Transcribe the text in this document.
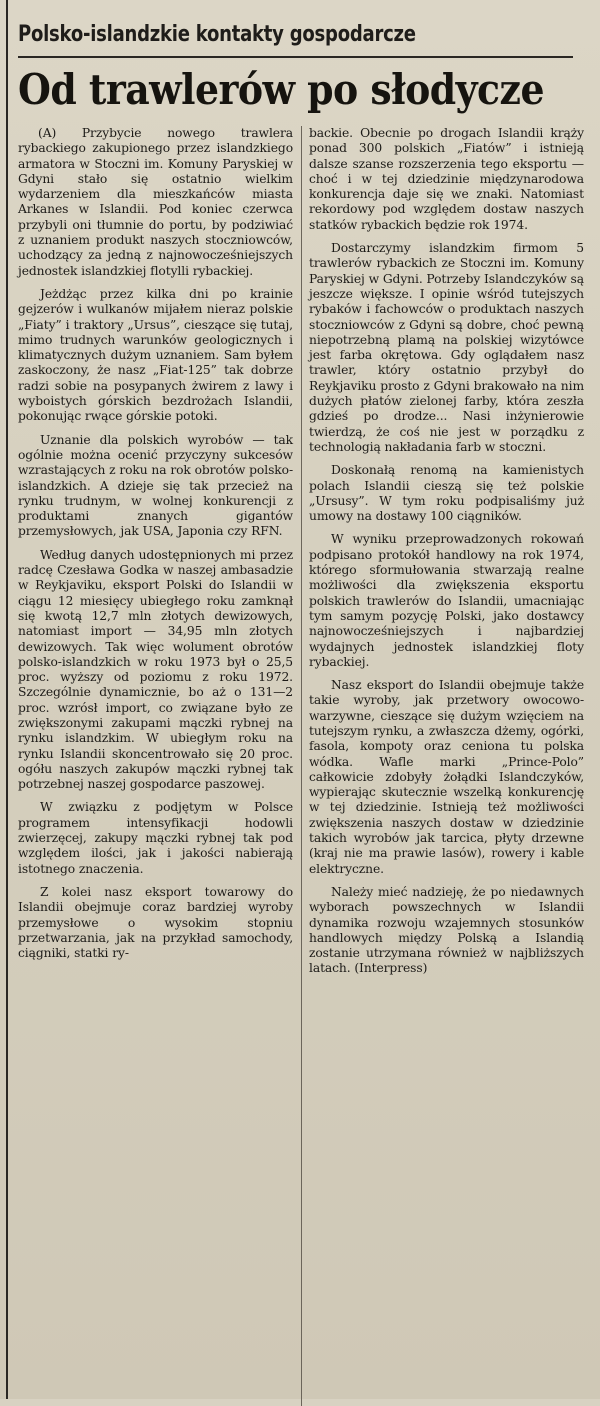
Polsko-islandzkie kontakty gospodarcze
Od trawlerów po słodycze

(A) Przybycie nowego trawlera rybackiego zakupionego przez islandzkiego armatora w Stoczni im. Komuny Paryskiej w Gdyni stało się ostatnio wielkim wydarzeniem dla mieszkańców miasta Arkanes w Islandii. Pod koniec czerwca przybyli oni tłumnie do portu, by podziwiać z uznaniem produkt naszych stoczniowców, uchodzący za jedną z najnowocześniejszych jednostek islandzkiej flotylli rybackiej.

Jeżdżąc przez kilka dni po krainie gejzerów i wulkanów mijałem nieraz polskie „Fiaty” i traktory „Ursus”, cieszące się tutaj, mimo trudnych warunków geologicznych i klimatycznych dużym uznaniem. Sam byłem zaskoczony, że nasz „Fiat-125” tak dobrze radzi sobie na posypanych żwirem z lawy i wyboistych górskich bezdrożach Islandii, pokonując rwące górskie potoki.

Uznanie dla polskich wyrobów — tak ogólnie można ocenić przyczyny sukcesów wzrastających z roku na rok obrotów polsko-islandzkich. A dzieje się tak przecież na rynku trudnym, w wolnej konkurencji z produktami znanych gigantów przemysłowych, jak USA, Japonia czy RFN.

Według danych udostępnionych mi przez radcę Czesława Godka w naszej ambasadzie w Reykjaviku, eksport Polski do Islandii w ciągu 12 miesięcy ubiegłego roku zamknął się kwotą 12,7 mln złotych dewizowych, natomiast import — 34,95 mln złotych dewizowych. Tak więc wolument obrotów polsko-islandzkich w roku 1973 był o 25,5 proc. wyższy od poziomu z roku 1972. Szczególnie dynamicznie, bo aż o 131—2 proc. wzrósł import, co związane było ze zwiększonymi zakupami mączki rybnej na rynku islandzkim. W ubiegłym roku na rynku Islandii skoncentrowało się 20 proc. ogółu naszych zakupów mączki rybnej tak potrzebnej naszej gospodarce paszowej.

W związku z podjętym w Polsce programem intensyfikacji hodowli zwierzęcej, zakupy mączki rybnej tak pod względem ilości, jak i jakości nabierają istotnego znaczenia.

Z kolei nasz eksport towarowy do Islandii obejmuje coraz bardziej wyroby przemysłowe o wysokim stopniu przetwarzania, jak na przykład samochody, ciągniki, statki ry-

backie. Obecnie po drogach Islandii krąży ponad 300 polskich „Fiatów” i istnieją dalsze szanse rozszerzenia tego eksportu — choć i w tej dziedzinie międzynarodowa konkurencja daje się we znaki. Natomiast rekordowy pod względem dostaw naszych statków rybackich będzie rok 1974.

Dostarczymy islandzkim firmom 5 trawlerów rybackich ze Stoczni im. Komuny Paryskiej w Gdyni. Potrzeby Islandczyków są jeszcze większe. I opinie wśród tutejszych rybaków i fachowców o produktach naszych stoczniowców z Gdyni są dobre, choć pewną niepotrzebną plamą na polskiej wizytówce jest farba okrętowa. Gdy oglądałem nasz trawler, który ostatnio przybył do Reykjaviku prosto z Gdyni brakowało na nim dużych płatów zielonej farby, która zeszła gdzieś po drodze... Nasi inżynierowie twierdzą, że coś nie jest w porządku z technologią nakładania farb w stoczni.

Doskonałą renomą na kamienistych polach Islandii cieszą się też polskie „Ursusy”. W tym roku podpisaliśmy już umowy na dostawy 100 ciągników.

W wyniku przeprowadzonych rokowań podpisano protokół handlowy na rok 1974, którego sformułowania stwarzają realne możliwości dla zwiększenia eksportu polskich trawlerów do Islandii, umacniając tym samym pozycję Polski, jako dostawcy najnowocześniejszych i najbardziej wydajnych jednostek islandzkiej floty rybackiej.

Nasz eksport do Islandii obejmuje także takie wyroby, jak przetwory owocowo-warzywne, cieszące się dużym wzięciem na tutejszym rynku, a zwłaszcza dżemy, ogórki, fasola, kompoty oraz ceniona tu polska wódka. Wafle marki „Prince-Polo” całkowicie zdobyły żołądki Islandczyków, wypierając skutecznie wszelką konkurencję w tej dziedzinie. Istnieją też możliwości zwiększenia naszych dostaw w dziedzinie takich wyrobów jak tarcica, płyty drzewne (kraj nie ma prawie lasów), rowery i kable elektryczne.

Należy mieć nadzieję, że po niedawnych wyborach powszechnych w Islandii dynamika rozwoju wzajemnych stosunków handlowych między Polską a Islandią zostanie utrzymana również w najbliższych latach. (Interpress)
